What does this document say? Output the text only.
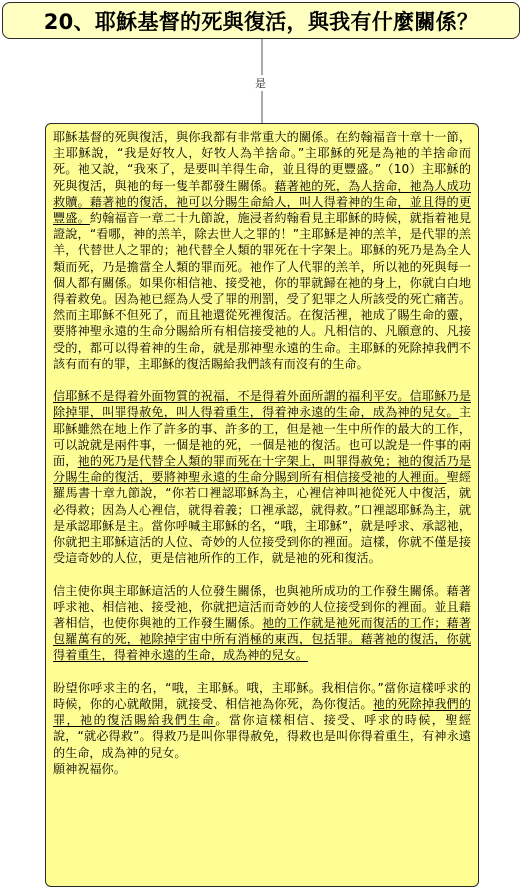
20、耶穌基督的死與復活，與我有什麼關係？
是

耶穌基督的死與復活，與你我都有非常重大的關係。在約翰福音十章十一節，主耶穌說，“我是好牧人，好牧人為羊捨命。”主耶穌的死是為祂的羊捨命而死。祂又說，“我來了，是要叫羊得生命，並且得的更豐盛。”（10）主耶穌的死與復活，與祂的每一隻羊都發生關係。藉著祂的死，為人捨命，祂為人成功救贖。藉著祂的復活，祂可以分賜生命給人，叫人得着神的生命，並且得的更豐盛。約翰福音一章二十九節說，施浸者約翰看見主耶穌的時候，就指着祂見證說，“看哪，神的羔羊，除去世人之罪的！”主耶穌是神的羔羊，是代罪的羔羊，代替世人之罪的；祂代替全人類的罪死在十字架上。耶穌的死乃是為全人類而死，乃是擔當全人類的罪而死。祂作了人代罪的羔羊，所以祂的死與每一個人都有關係。如果你相信祂、接受祂，你的罪就歸在祂的身上，你就白白地得着救免。因為祂已經為人受了罪的刑罰，受了犯罪之人所該受的死亡痛苦。然而主耶穌不但死了，而且祂還從死裡復活。在復活裡，祂成了賜生命的靈，要將神聖永遠的生命分賜給所有相信接受祂的人。凡相信的、凡願意的、凡接受的，都可以得着神的生命，就是那神聖永遠的生命。主耶穌的死除掉我們不該有而有的罪，主耶穌的復活賜給我們該有而沒有的生命。

信耶穌不是得着外面物質的祝福，不是得着外面所謂的福利平安。信耶穌乃是除掉罪，叫罪得赦免，叫人得着重生，得着神永遠的生命，成為神的兒女。主耶穌雖然在地上作了許多的事、許多的工，但是祂一生中所作的最大的工作，可以說就是兩件事，一個是祂的死，一個是祂的復活。也可以說是一件事的兩面，祂的死乃是代替全人類的罪而死在十字架上，叫罪得赦免；祂的復活乃是分賜生命的復活，要將神聖永遠的生命分賜到所有相信接受祂的人裡面。聖經羅馬書十章九節說，“你若口裡認耶穌為主，心裡信神叫祂從死人中復活，就必得救；因為人心裡信，就得着義；口裡承認，就得救。”口裡認耶穌為主，就是承認耶穌是主。當你呼喊主耶穌的名，“哦，主耶穌”，就是呼求、承認祂，你就把主耶穌這活的人位、奇妙的人位接受到你的裡面。這樣，你就不僅是接受這奇妙的人位，更是信祂所作的工作，就是祂的死和復活。

信主使你與主耶穌這活的人位發生關係，也與祂所成功的工作發生關係。藉著呼求祂、相信祂、接受祂，你就把這活而奇妙的人位接受到你的裡面。並且藉著相信，也使你與祂的工作發生關係。祂的工作就是祂死而復活的工作；藉著包羅萬有的死，祂除掉宇宙中所有消極的東西，包括罪。藉著祂的復活，你就得着重生，得着神永遠的生命，成為神的兒女。

盼望你呼求主的名，“哦，主耶穌。哦，主耶穌。我相信你。”當你這樣呼求的時候，你的心就敞開，就接受、相信祂為你死，為你復活。祂的死除掉我們的罪，祂的復活賜給我們生命。當你這樣相信、接受、呼求的時候，聖經說，“就必得救”。得救乃是叫你罪得赦免，得救也是叫你得着重生，有神永遠的生命，成為神的兒女。
願神祝福你。
